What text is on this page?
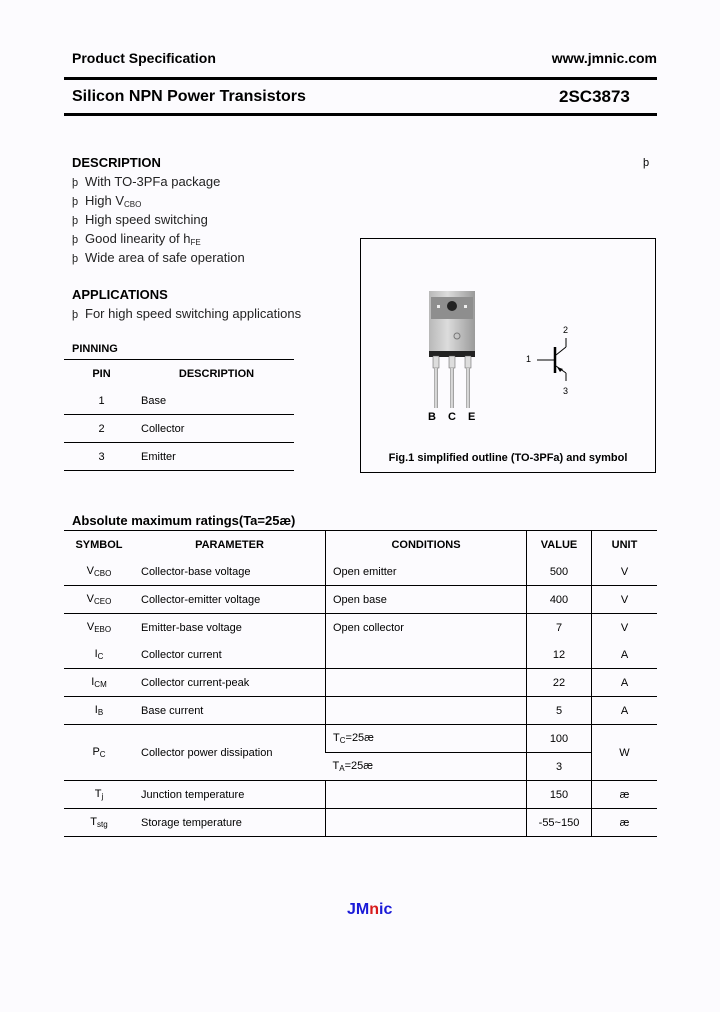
Product Specification	www.jmnic.com
Silicon NPN Power Transistors	2SC3873
DESCRIPTION	þ
þ With TO-3PFa package
þ High $V_{CBO}$
þ High speed switching
þ Good linearity of $h_{FE}$
þ Wide area of safe operation
APPLICATIONS
þ For high speed switching applications
PINNING
PIN	DESCRIPTION
1	Base
2	Collector
3	Emitter
B C E
1
2
3
Fig.1 simplified outline (TO-3PFa) and symbol
Absolute maximum ratings(Ta=25æ)
SYMBOL	PARAMETER	CONDITIONS	VALUE	UNIT
$V_{CBO}$	Collector-base voltage	Open emitter	500	V
$V_{CEO}$	Collector-emitter voltage	Open base	400	V
$V_{EBO}$	Emitter-base voltage	Open collector	7	V
$I_C$	Collector current		12	A
$I_{CM}$	Collector current-peak		22	A
$I_B$	Base current		5	A
$P_C$	Collector power dissipation	$T_C=25æ$	100	W
		$T_A=25æ$	3	
$T_j$	Junction temperature		150	æ
$T_{stg}$	Storage temperature		-55~150	æ
JMnic
